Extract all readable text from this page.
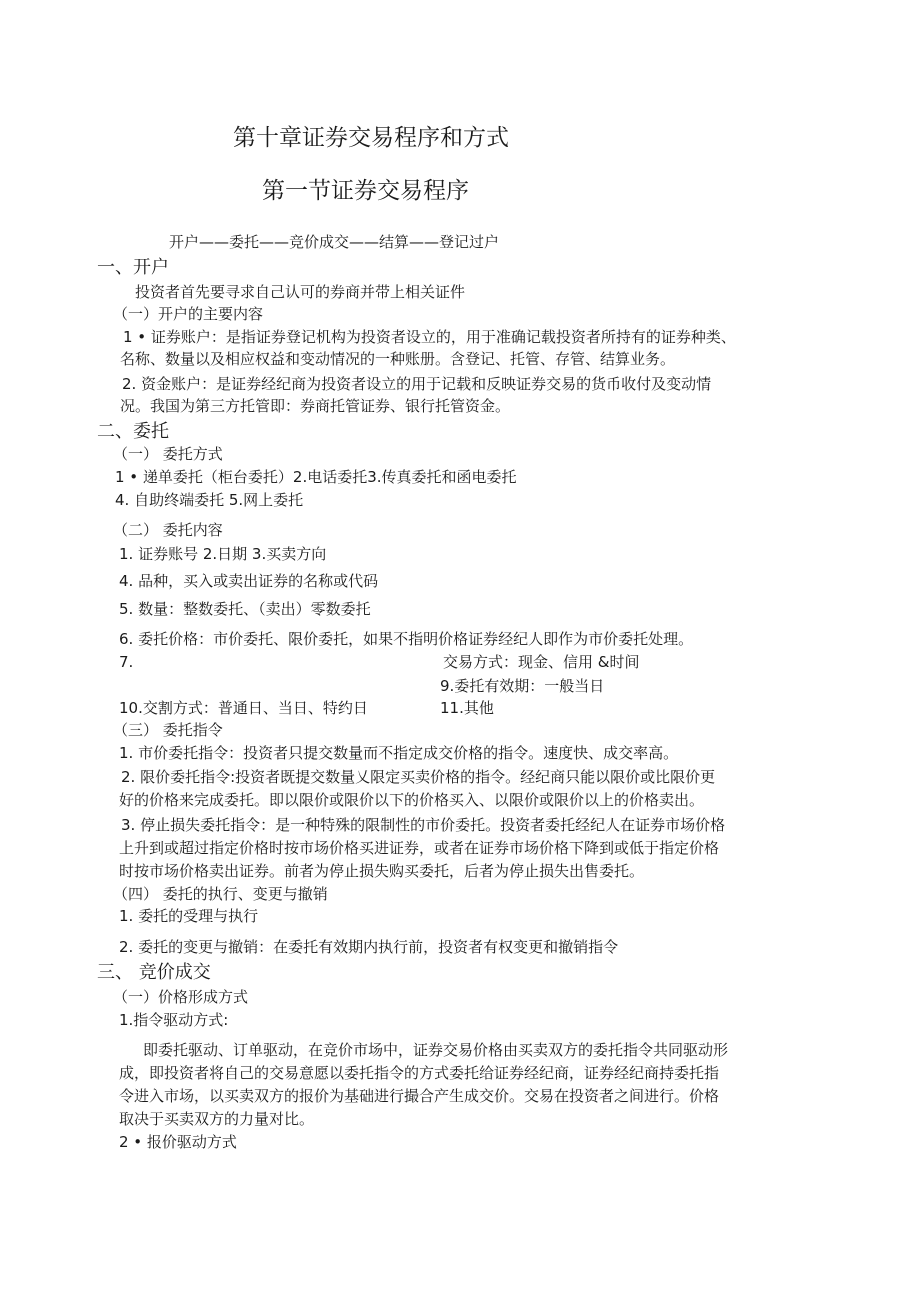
第十章证券交易程序和方式
第一节证券交易程序
开户——委托——竞价成交——结算——登记过户
一、开户
投资者首先要寻求自己认可的券商并带上相关证件
（一）开户的主要内容
1 • 证券账户：是指证券登记机构为投资者设立的，用于准确记载投资者所持有的证券种类、
名称、数量以及相应权益和变动情况的一种账册。含登记、托管、存管、结算业务。
2. 资金账户：是证券经纪商为投资者设立的用于记载和反映证券交易的货币收付及变动情
况。我国为第三方托管即：券商托管证券、银行托管资金。
二、委托
（一） 委托方式
1 • 递单委托（柜台委托）2.电话委托3.传真委托和函电委托
4. 自助终端委托 5.网上委托
（二） 委托内容
1. 证券账号 2.日期 3.买卖方向
4. 品种，买入或卖出证券的名称或代码
5. 数量：整数委托、（卖出）零数委托
6. 委托价格：市价委托、限价委托，如果不指明价格证券经纪人即作为市价委托处理。
7.	交易方式：现金、信用 &时间
9.委托有效期：一般当日
10.交割方式：普通日、当日、特约日	11.其他
（三） 委托指令
1. 市价委托指令：投资者只提交数量而不指定成交价格的指令。速度快、成交率高。
2. 限价委托指令:投资者既提交数量乂限定买卖价格的指令。经纪商只能以限价或比限价更
好的价格来完成委托。即以限价或限价以下的价格买入、以限价或限价以上的价格卖出。
3. 停止损失委托指令：是一种特殊的限制性的市价委托。投资者委托经纪人在证券市场价格
上升到或超过指定价格时按市场价格买进证券，或者在证券市场价格下降到或低于指定价格
时按市场价格卖出证券。前者为停止损失购买委托，后者为停止损失出售委托。
（四） 委托的执行、变更与撤销
1. 委托的受理与执行
2. 委托的变更与撤销：在委托有效期内执行前，投资者有权变更和撤销指令
三、 竞价成交
（一）价格形成方式
1.指令驱动方式:
即委托驱动、订单驱动，在竞价市场中，证券交易价格由买卖双方的委托指令共同驱动形
成，即投资者将自己的交易意愿以委托指令的方式委托给证券经纪商，证券经纪商持委托指
令进入市场，以买卖双方的报价为基础进行撮合产生成交价。交易在投资者之间进行。价格
取决于买卖双方的力量对比。
2 • 报价驱动方式
